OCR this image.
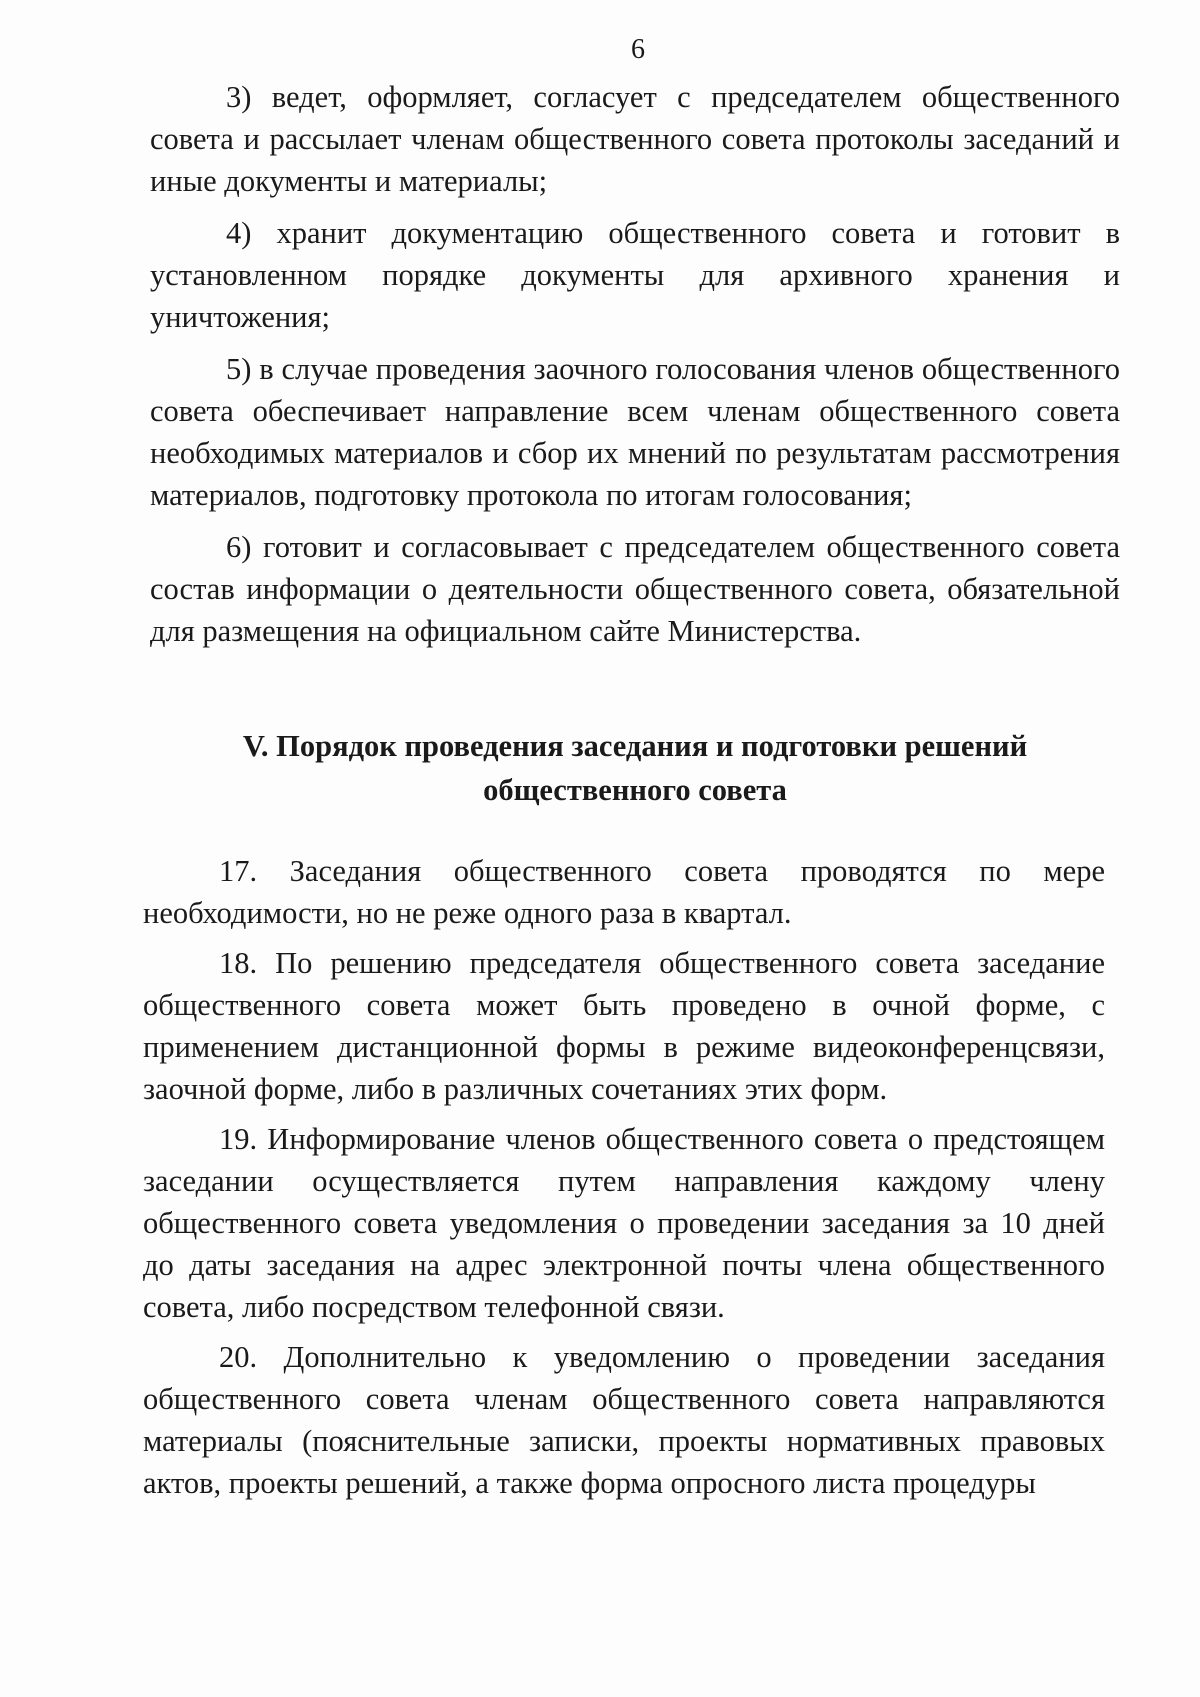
6

3) ведет, оформляет, согласует с председателем общественного совета и рассылает членам общественного совета протоколы заседаний и иные документы и материалы;

4) хранит документацию общественного совета и готовит в установленном порядке документы для архивного хранения и уничтожения;

5) в случае проведения заочного голосования членов общественного совета обеспечивает направление всем членам общественного совета необходимых материалов и сбор их мнений по результатам рассмотрения материалов, подготовку протокола по итогам голосования;

6) готовит и согласовывает с председателем общественного совета состав информации о деятельности общественного совета, обязательной для размещения на официальном сайте Министерства.

V. Порядок проведения заседания и подготовки решений
общественного совета

17. Заседания общественного совета проводятся по мере необходимости, но не реже одного раза в квартал.

18. По решению председателя общественного совета заседание общественного совета может быть проведено в очной форме, с применением дистанционной формы в режиме видеоконференцсвязи, заочной форме, либо в различных сочетаниях этих форм.

19. Информирование членов общественного совета о предстоящем заседании осуществляется путем направления каждому члену общественного совета уведомления о проведении заседания за 10 дней до даты заседания на адрес электронной почты члена общественного совета, либо посредством телефонной связи.

20. Дополнительно к уведомлению о проведении заседания общественного совета членам общественного совета направляются материалы (пояснительные записки, проекты нормативных правовых актов, проекты решений, а также форма опросного листа процедуры
